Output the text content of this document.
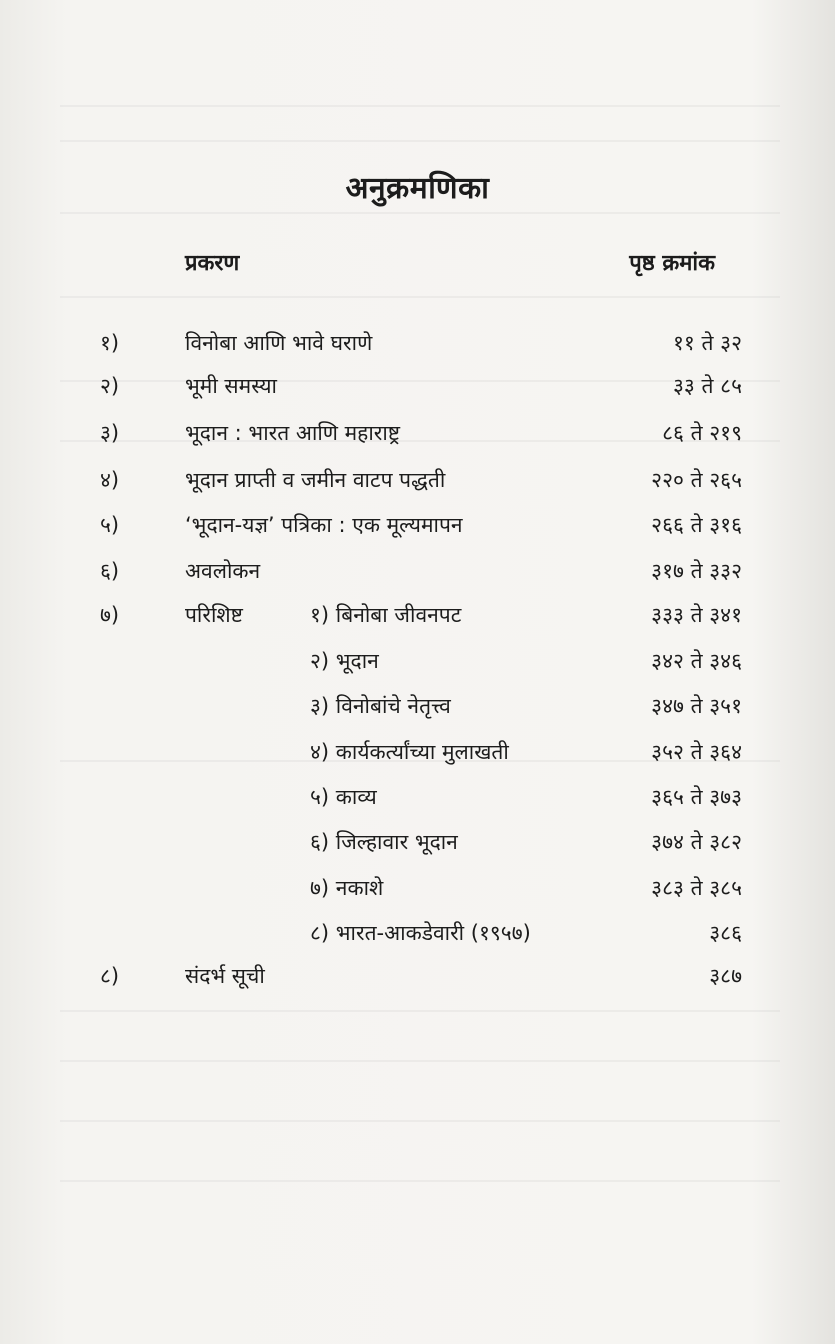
अनुक्रमणिका
प्रकरण	पृष्ठ क्रमांक
१)	विनोबा आणि भावे घराणे	११ ते ३२
२)	भूमी समस्या	३३ ते ८५
३)	भूदान : भारत आणि महाराष्ट्र	८६ ते २१९
४)	भूदान प्राप्ती व जमीन वाटप पद्धती	२२० ते २६५
५)	‘भूदान-यज्ञ’ पत्रिका : एक मूल्यमापन	२६६ ते ३१६
६)	अवलोकन	३१७ ते ३३२
७)	परिशिष्ट	१) बिनोबा जीवनपट	३३३ ते ३४१
२) भूदान	३४२ ते ३४६
३) विनोबांचे नेतृत्त्व	३४७ ते ३५१
४) कार्यकर्त्यांच्या मुलाखती	३५२ ते ३६४
५) काव्य	३६५ ते ३७३
६) जिल्हावार भूदान	३७४ ते ३८२
७) नकाशे	३८३ ते ३८५
८) भारत-आकडेवारी (१९५७)	३८६
८)	संदर्भ सूची	३८७
